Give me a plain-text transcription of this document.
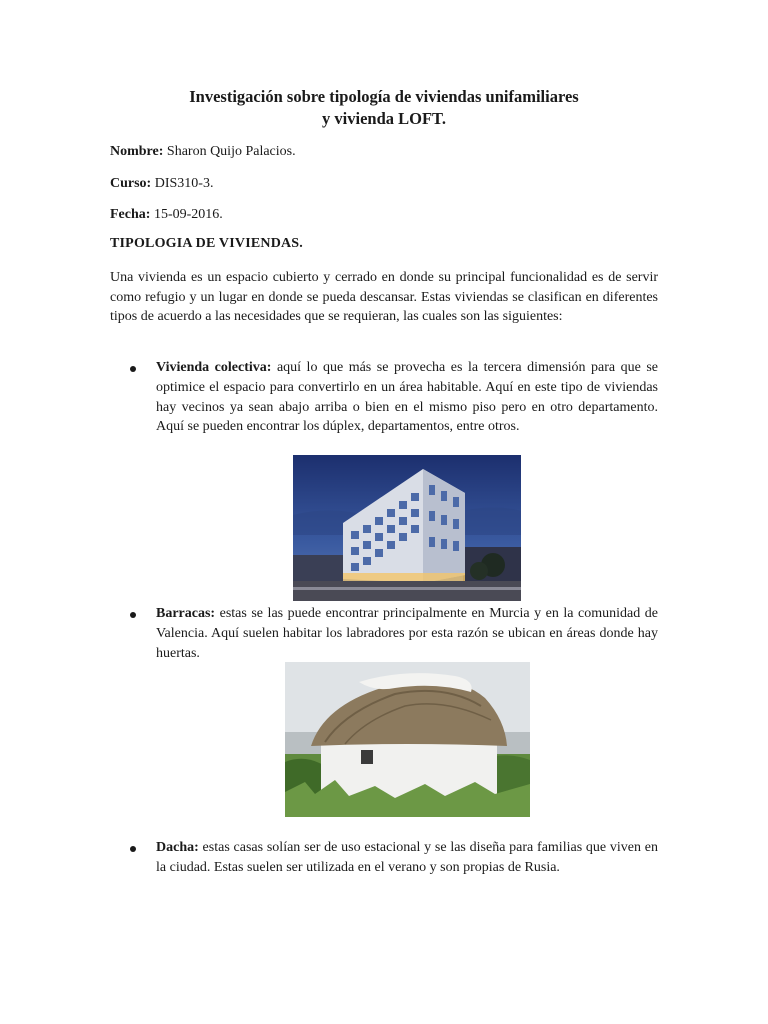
Investigación sobre tipología de viviendas unifamiliares
y vivienda LOFT.
Nombre: Sharon Quijo Palacios.
Curso: DIS310-3.
Fecha: 15-09-2016.
TIPOLOGIA DE VIVIENDAS.
Una vivienda es un espacio cubierto y cerrado en donde su principal funcionalidad es de servir como refugio y un lugar en donde se pueda descansar. Estas viviendas se clasifican en diferentes tipos de acuerdo a las necesidades que se requieran, las cuales son las siguientes:
Vivienda colectiva: aquí lo que más se provecha es la tercera dimensión para que se optimice el espacio para convertirlo en un área habitable. Aquí en este tipo de viviendas hay vecinos ya sean abajo arriba o bien en el mismo piso pero en otro departamento. Aquí se pueden encontrar los dúplex, departamentos, entre otros.
Barracas: estas se las puede encontrar principalmente en Murcia y en la comunidad de Valencia. Aquí suelen habitar los labradores por esta razón se ubican en áreas donde hay huertas.
Dacha: estas casas solían ser de uso estacional y se las diseña para familias que viven en la ciudad. Estas suelen ser utilizada en el verano y son propias de Rusia.
